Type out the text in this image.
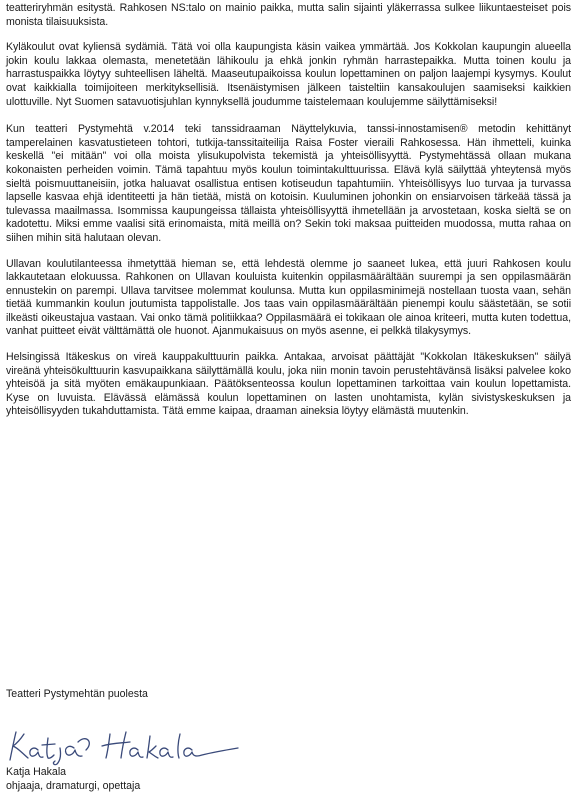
teatteriryhmän esitystä. Rahkosen NS:talo on mainio paikka, mutta salin sijainti yläkerrassa sulkee liikuntaesteiset pois monista tilaisuuksista.

Kyläkoulut ovat kyliensä sydämiä. Tätä voi olla kaupungista käsin vaikea ymmärtää. Jos Kokkolan kaupungin alueella jokin koulu lakkaa olemasta, menetetään lähikoulu ja ehkä jonkin ryhmän harrastepaikka. Mutta toinen koulu ja harrastuspaikka löytyy suhteellisen läheltä. Maaseutupaikoissa koulun lopettaminen on paljon laajempi kysymys. Koulut ovat kaikkialla toimijoiteen merkityksellisiä. Itsenäistymisen jälkeen taisteltiin kansakoulujen saamiseksi kaikkien ulottuville. Nyt Suomen satavuotisjuhlan kynnyksellä joudumme taistelemaan koulujemme säilyttämiseksi!

Kun teatteri Pystymehtä v.2014 teki tanssidraaman Näyttelykuvia, tanssi-innostamisen® metodin kehittänyt tamperelainen kasvatustieteen tohtori, tutkija-tanssitaiteilija Raisa Foster vieraili Rahkosessa. Hän ihmetteli, kuinka keskellä "ei mitään" voi olla moista ylisukupolvista tekemistä ja yhteisöllisyyttä. Pystymehtässä ollaan mukana kokonaisten perheiden voimin. Tämä tapahtuu myös koulun toimintakulttuurissa. Elävä kylä säilyttää yhteytensä myös sieltä poismuuttaneisiin, jotka haluavat osallistua entisen kotiseudun tapahtumiin. Yhteisöllisyys luo turvaa ja turvassa lapselle kasvaa ehjä identiteetti ja hän tietää, mistä on kotoisin. Kuuluminen johonkin on ensiarvoisen tärkeää tässä ja tulevassa maailmassa. Isommissa kaupungeissa tällaista yhteisöllisyyttä ihmetellään ja arvostetaan, koska sieltä se on kadotettu. Miksi emme vaalisi sitä erinomaista, mitä meillä on? Sekin toki maksaa puitteiden muodossa, mutta rahaa on siihen mihin sitä halutaan olevan.

Ullavan koulutilanteessa ihmetyttää hieman se, että lehdestä olemme jo saaneet lukea, että juuri Rahkosen koulu lakkautetaan elokuussa. Rahkonen on Ullavan kouluista kuitenkin oppilasmäärältään suurempi ja sen oppilasmäärän ennustekin on parempi. Ullava tarvitsee molemmat koulunsa. Mutta kun oppilasminimejä nostellaan tuosta vaan, sehän tietää kummankin koulun joutumista tappolistalle. Jos taas vain oppilasmäärältään pienempi koulu säästetään, se sotii ilkeästi oikeustajua vastaan. Vai onko tämä politiikkaa? Oppilasmäärä ei tokikaan ole ainoa kriteeri, mutta kuten todettua, vanhat puitteet eivät välttämättä ole huonot. Ajanmukaisuus on myös asenne, ei pelkkä tilakysymys.

Helsingissä Itäkeskus on vireä kauppakulttuurin paikka. Antakaa, arvoisat päättäjät "Kokkolan Itäkeskuksen" säilyä vireänä yhteisökulttuurin kasvupaikkana säilyttämällä koulu, joka niin monin tavoin perustehtävänsä lisäksi palvelee koko yhteisöä ja sitä myöten emäkaupunkiaan. Päätöksenteossa koulun lopettaminen tarkoittaa vain koulun lopettamista. Kyse on luvuista. Elävässä elämässä koulun lopettaminen on lasten unohtamista, kylän sivistyskeskuksen ja yhteisöllisyyden tukahduttamista. Tätä emme kaipaa, draaman aineksia löytyy elämästä muutenkin.

Teatteri Pystymehtän puolesta

Katja Hakala

ohjaaja, dramaturgi, opettaja
